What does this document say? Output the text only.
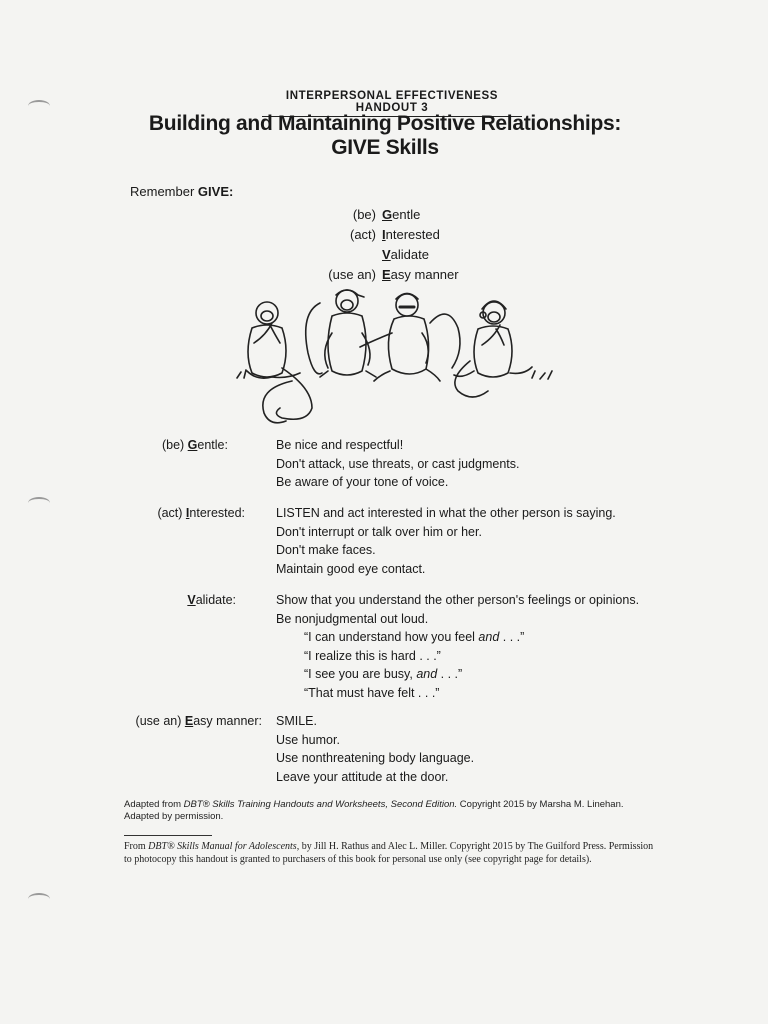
INTERPERSONAL EFFECTIVENESS HANDOUT 3
Building and Maintaining Positive Relationships:
GIVE Skills
Remember GIVE:
(be) Gentle
(act) Interested
Validate
(use an) Easy manner
(be) Gentle:	Be nice and respectful!
Don't attack, use threats, or cast judgments.
Be aware of your tone of voice.
(act) Interested: LISTEN and act interested in what the other person is saying.
Don't interrupt or talk over him or her.
Don't make faces.
Maintain good eye contact.
Validate:	Show that you understand the other person's feelings or opinions.
Be nonjudgmental out loud.
“I can understand how you feel and . . .”
“I realize this is hard . . .”
“I see you are busy, and . . .”
“That must have felt . . .”
(use an) Easy manner: SMILE.
Use humor.
Use nonthreatening body language.
Leave your attitude at the door.
Adapted from DBT® Skills Training Handouts and Worksheets, Second Edition. Copyright 2015 by Marsha M. Linehan. Adapted by permission.
From DBT® Skills Manual for Adolescents, by Jill H. Rathus and Alec L. Miller. Copyright 2015 by The Guilford Press. Permission to photocopy this handout is granted to purchasers of this book for personal use only (see copyright page for details).
